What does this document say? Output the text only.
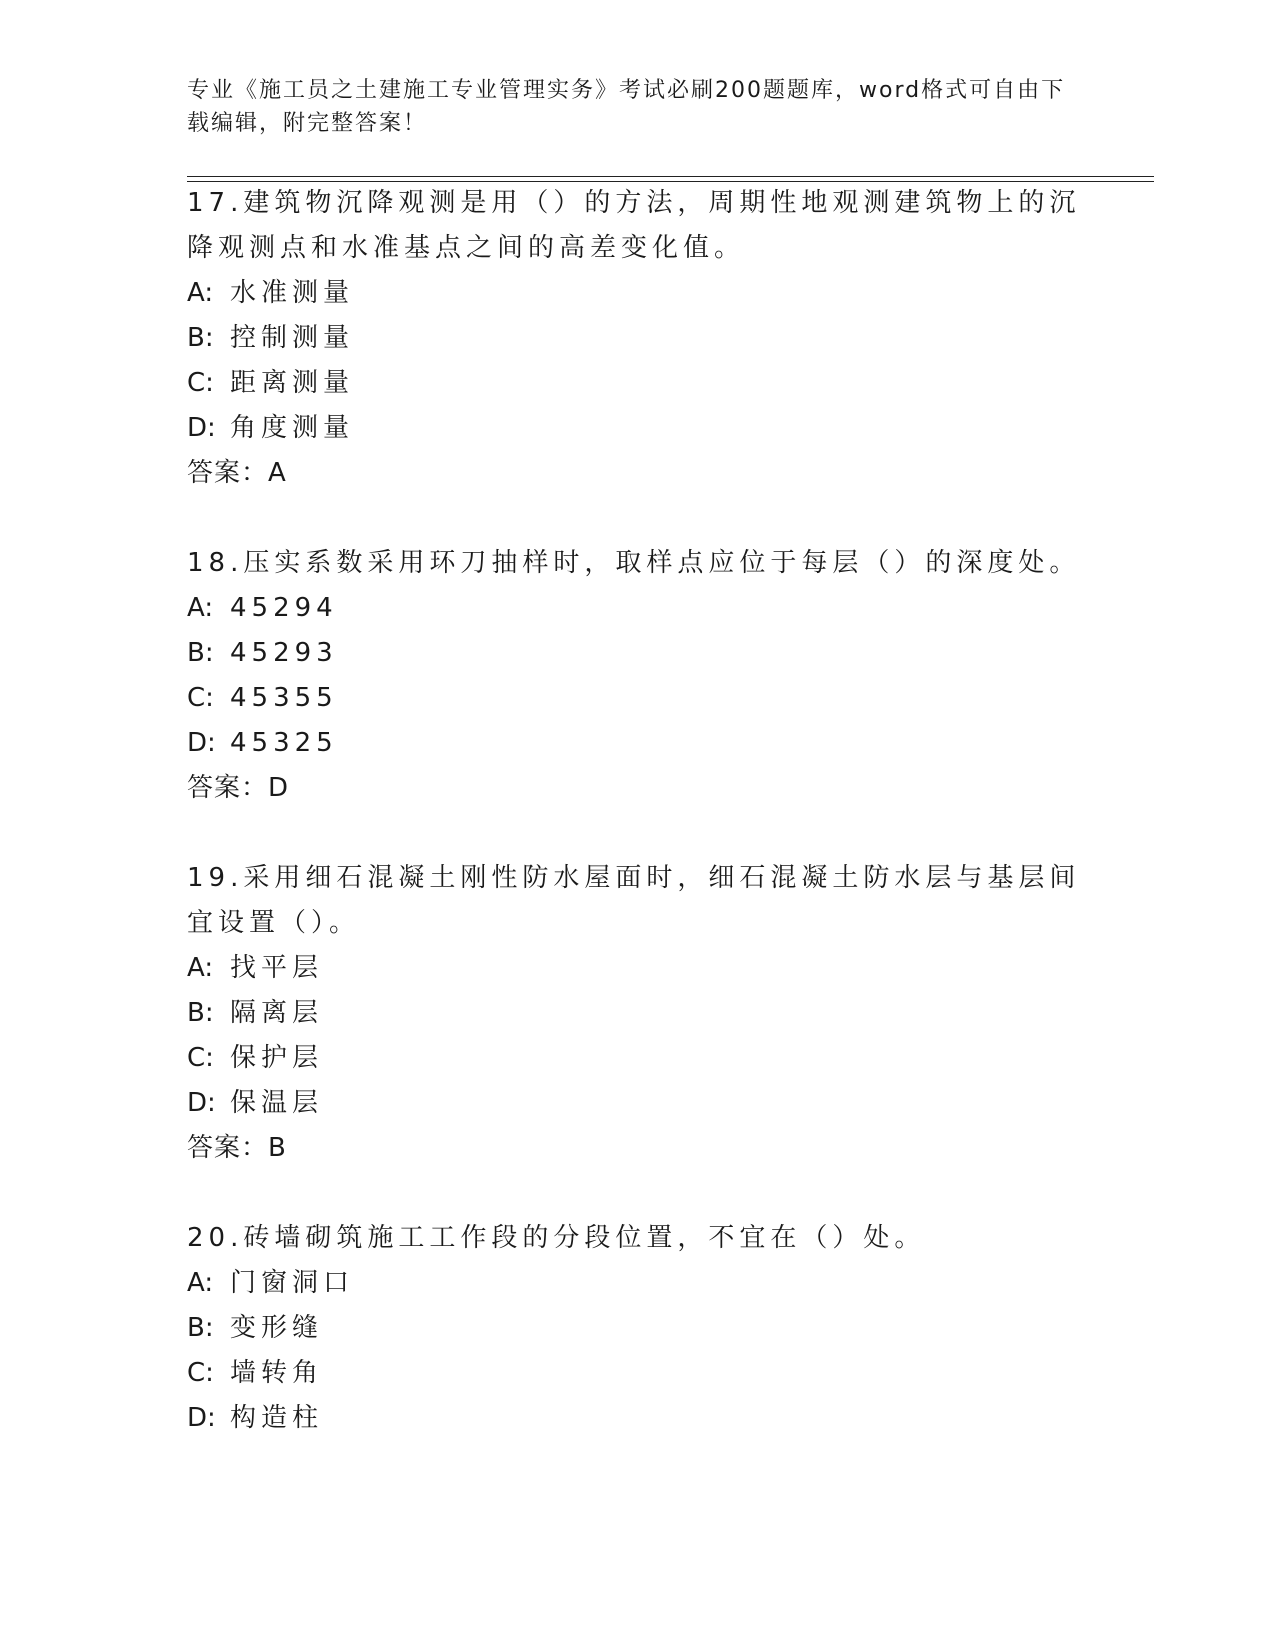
专业《施工员之土建施工专业管理实务》考试必刷200题题库，word格式可自由下载编辑，附完整答案！

17.建筑物沉降观测是用（）的方法，周期性地观测建筑物上的沉降观测点和水准基点之间的高差变化值。

A: 水准测量

B: 控制测量

C: 距离测量

D: 角度测量

答案：A

18.压实系数采用环刀抽样时，取样点应位于每层（）的深度处。

A: 45294

B: 45293

C: 45355

D: 45325

答案：D

19.采用细石混凝土刚性防水屋面时，细石混凝土防水层与基层间宜设置（）。

A: 找平层

B: 隔离层

C: 保护层

D: 保温层

答案：B

20.砖墙砌筑施工工作段的分段位置，不宜在（）处。

A: 门窗洞口

B: 变形缝

C: 墙转角

D: 构造柱
